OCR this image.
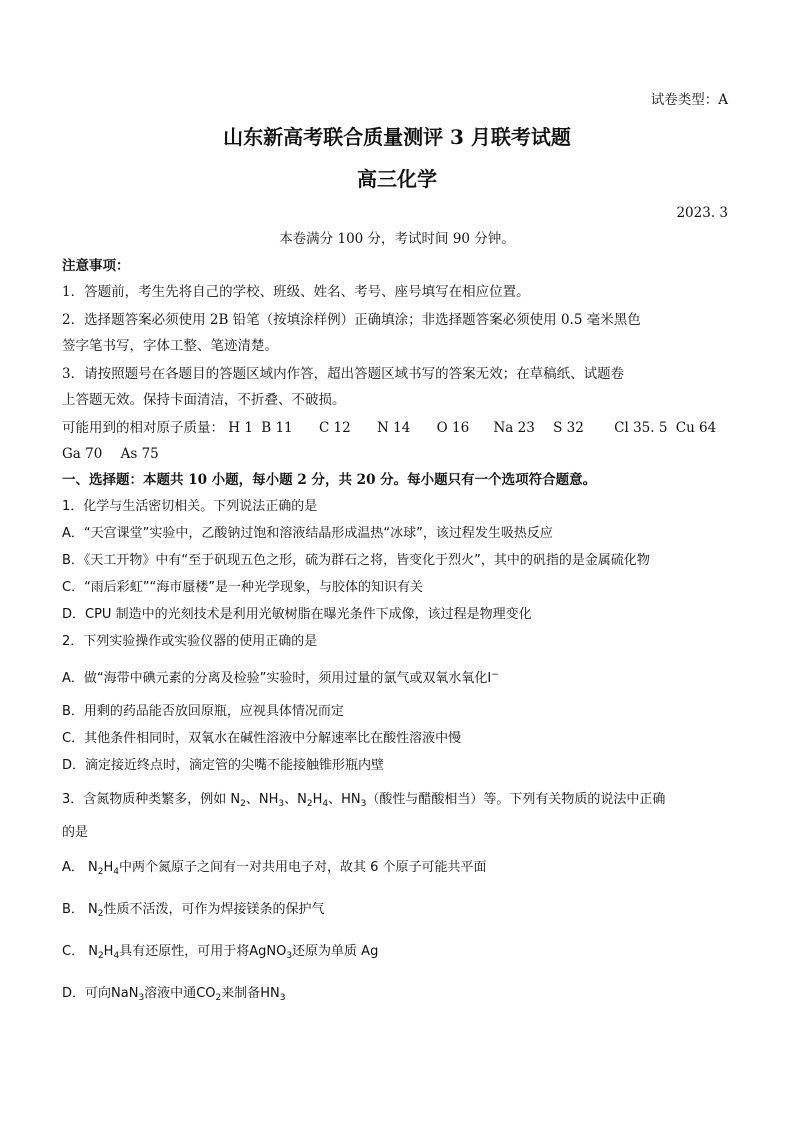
试卷类型：A
山东新高考联合质量测评 3 月联考试题
高三化学
2023. 3
本卷满分 100 分，考试时间 90 分钟。
注意事项：
1．答题前，考生先将自己的学校、班级、姓名、考号、座号填写在相应位置。
2．选择题答案必须使用 2B 铅笔（按填涂样例）正确填涂；非选择题答案必须使用 0.5 毫米黑色
签字笔书写，字体工整、笔迹清楚。
3．请按照题号在各题目的答题区域内作答，超出答题区域书写的答案无效；在草稿纸、试题卷
上答题无效。保持卡面清洁，不折叠、不破损。
可能用到的相对原子质量： H 1 B 11 C 12 N 14 O 16 Na 23 S 32 Cl 35. 5 Cu 64
Ga 70 As 75
一、选择题：本题共 10 小题，每小题 2 分，共 20 分。每小题只有一个选项符合题意。
1．化学与生活密切相关。下列说法正确的是
A．“天宫课堂”实验中，乙酸钠过饱和溶液结晶形成温热“冰球”，该过程发生吸热反应
B．《天工开物》中有“至于矾现五色之形，硫为群石之将，皆变化于烈火”，其中的矾指的是金属硫化物
C．“雨后彩虹”“海市蜃楼”是一种光学现象，与胶体的知识有关
D．CPU 制造中的光刻技术是利用光敏树脂在曝光条件下成像，该过程是物理变化
2．下列实验操作或实验仪器的使用正确的是
A．做“海带中碘元素的分离及检验”实验时，须用过量的氯气或双氧水氧化I−
B．用剩的药品能否放回原瓶，应视具体情况而定
C．其他条件相同时，双氧水在碱性溶液中分解速率比在酸性溶液中慢
D．滴定接近终点时，滴定管的尖嘴不能接触锥形瓶内壁
3．含氮物质种类繁多，例如 $N_2$、$NH_3$、$N_2H_4$、$HN_3$（酸性与醋酸相当）等。下列有关物质的说法中正确
的是
A． $N_2H_4$中两个氮原子之间有一对共用电子对，故其 6 个原子可能共平面
B． $N_2$性质不活泼，可作为焊接镁条的保护气
C． $N_2H_4$具有还原性，可用于将AgNO$_3$还原为单质 Ag
D．可向NaN$_3$溶液中通$CO_2$来制备$HN_3$
